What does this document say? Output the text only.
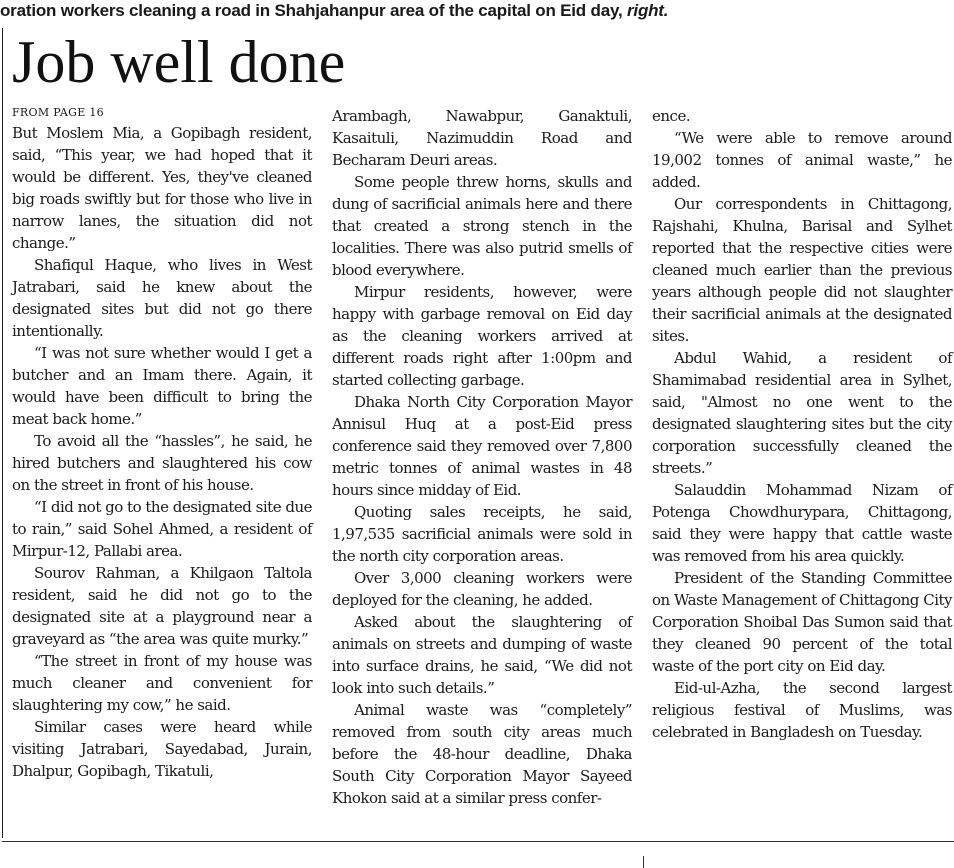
oration workers cleaning a road in Shahjahanpur area of the capital on Eid day, right.
Job well done
FROM PAGE 16

But Moslem Mia, a Gopibagh resident, said, “This year, we had hoped that it would be different. Yes, they've cleaned big roads swiftly but for those who live in narrow lanes, the situation did not change.”

Shafiqul Haque, who lives in West Jatrabari, said he knew about the designated sites but did not go there intentionally.

“I was not sure whether would I get a butcher and an Imam there. Again, it would have been difficult to bring the meat back home.”

To avoid all the “hassles”, he said, he hired butchers and slaughtered his cow on the street in front of his house.

“I did not go to the designated site due to rain,” said Sohel Ahmed, a resident of Mirpur-12, Pallabi area.

Sourov Rahman, a Khilgaon Taltola resident, said he did not go to the designated site at a playground near a graveyard as “the area was quite murky.”

“The street in front of my house was much cleaner and convenient for slaughtering my cow,” he said.

Similar cases were heard while visiting Jatrabari, Sayedabad, Jurain, Dhalpur, Gopibagh, Tikatuli,

Arambagh, Nawabpur, Ganaktuli, Kasaituli, Nazimuddin Road and Becharam Deuri areas.

Some people threw horns, skulls and dung of sacrificial animals here and there that created a strong stench in the localities. There was also putrid smells of blood everywhere.

Mirpur residents, however, were happy with garbage removal on Eid day as the cleaning workers arrived at different roads right after 1:00pm and started collecting garbage.

Dhaka North City Corporation Mayor Annisul Huq at a post-Eid press conference said they removed over 7,800 metric tonnes of animal wastes in 48 hours since midday of Eid.

Quoting sales receipts, he said, 1,97,535 sacrificial animals were sold in the north city corporation areas.

Over 3,000 cleaning workers were deployed for the cleaning, he added.

Asked about the slaughtering of animals on streets and dumping of waste into surface drains, he said, “We did not look into such details.”

Animal waste was “completely” removed from south city areas much before the 48-hour deadline, Dhaka South City Corporation Mayor Sayeed Khokon said at a similar press confer-

ence.

“We were able to remove around 19,002 tonnes of animal waste,” he added.

Our correspondents in Chittagong, Rajshahi, Khulna, Barisal and Sylhet reported that the respective cities were cleaned much earlier than the previous years although people did not slaughter their sacrificial animals at the designated sites.

Abdul Wahid, a resident of Shamimabad residential area in Sylhet, said, "Almost no one went to the designated slaughtering sites but the city corporation successfully cleaned the streets.”

Salauddin Mohammad Nizam of Potenga Chowdhurypara, Chittagong, said they were happy that cattle waste was removed from his area quickly.

President of the Standing Committee on Waste Management of Chittagong City Corporation Shoibal Das Sumon said that they cleaned 90 percent of the total waste of the port city on Eid day.

Eid-ul-Azha, the second largest religious festival of Muslims, was celebrated in Bangladesh on Tuesday.
